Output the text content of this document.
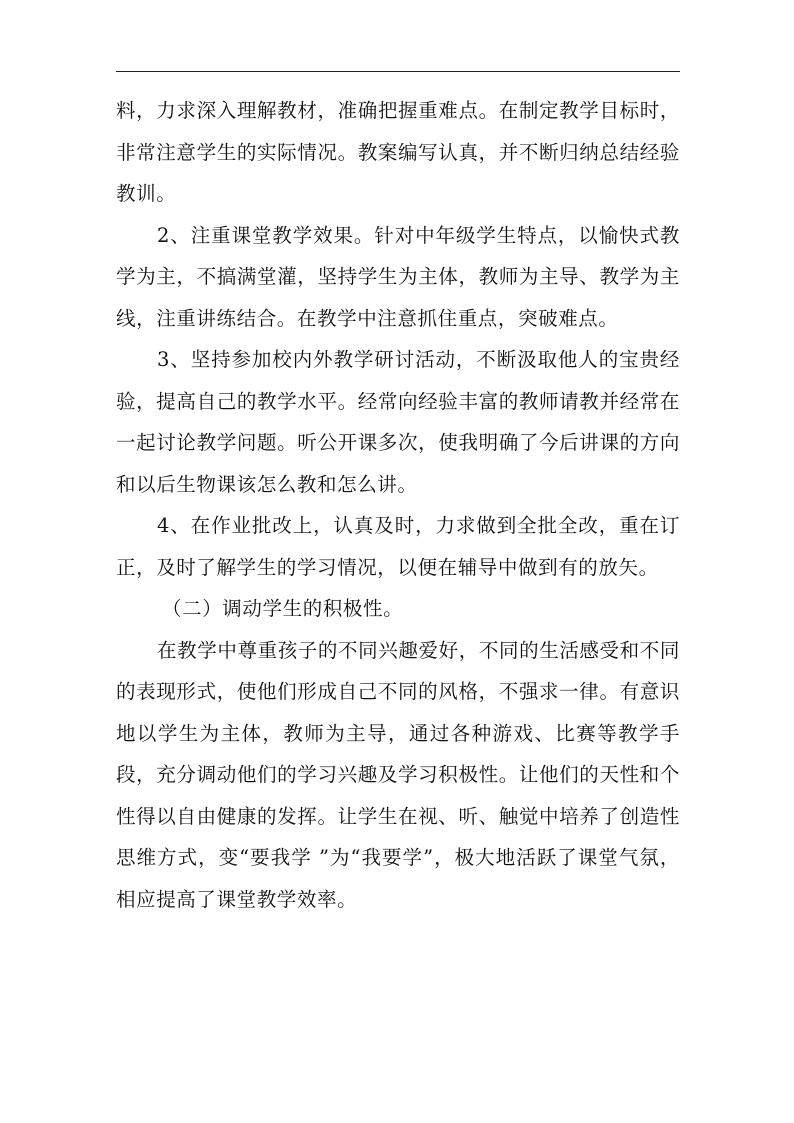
料，力求深入理解教材，准确把握重难点。在制定教学目标时，非常注意学生的实际情况。教案编写认真，并不断归纳总结经验教训。

2、注重课堂教学效果。针对中年级学生特点，以愉快式教学为主，不搞满堂灌，坚持学生为主体，教师为主导、教学为主线，注重讲练结合。在教学中注意抓住重点，突破难点。

3、坚持参加校内外教学研讨活动，不断汲取他人的宝贵经验，提高自己的教学水平。经常向经验丰富的教师请教并经常在一起讨论教学问题。听公开课多次，使我明确了今后讲课的方向和以后生物课该怎么教和怎么讲。

4、在作业批改上，认真及时，力求做到全批全改，重在订正，及时了解学生的学习情况，以便在辅导中做到有的放矢。

（二）调动学生的积极性。

在教学中尊重孩子的不同兴趣爱好，不同的生活感受和不同的表现形式，使他们形成自己不同的风格，不强求一律。有意识地以学生为主体，教师为主导，通过各种游戏、比赛等教学手段，充分调动他们的学习兴趣及学习积极性。让他们的天性和个性得以自由健康的发挥。让学生在视、听、触觉中培养了创造性思维方式，变“要我学 ”为“我要学”，极大地活跃了课堂气氛，相应提高了课堂教学效率。
